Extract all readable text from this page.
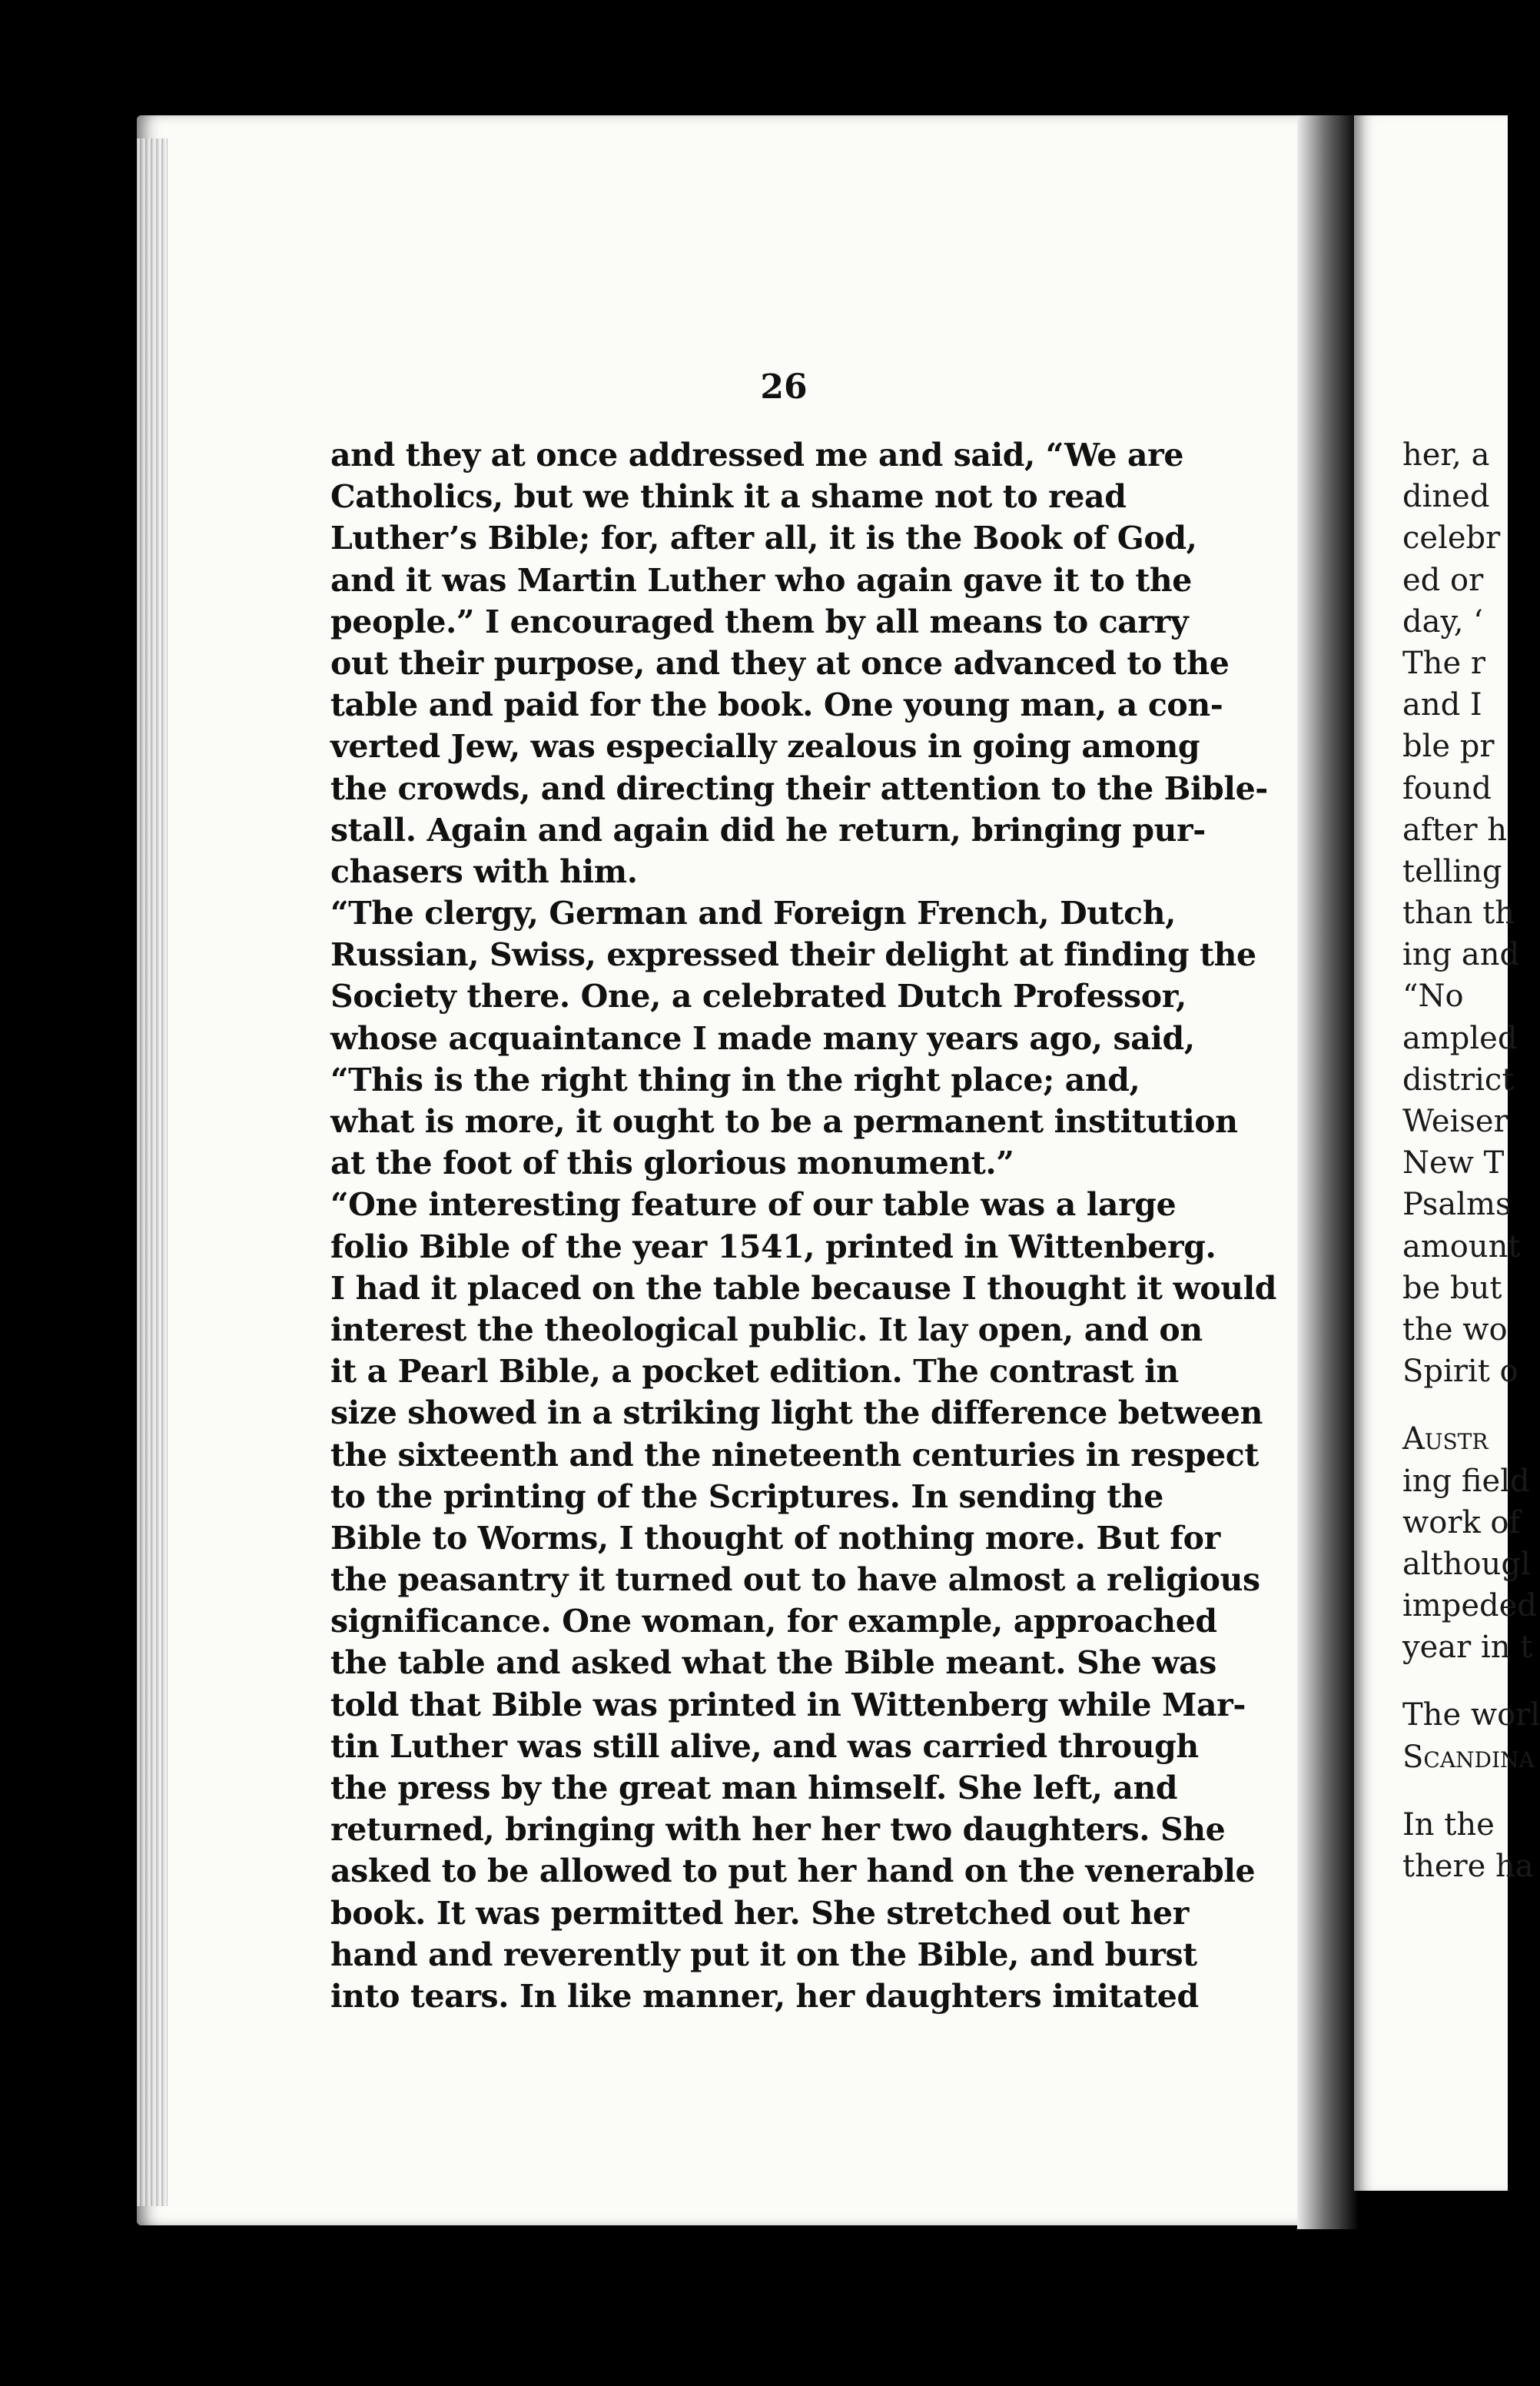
26
and they at once addressed me and said, “We are
Catholics, but we think it a shame not to read
Luther’s Bible; for, after all, it is the Book of God,
and it was Martin Luther who again gave it to the
people.” I encouraged them by all means to carry
out their purpose, and they at once advanced to the
table and paid for the book. One young man, a con-
verted Jew, was especially zealous in going among
the crowds, and directing their attention to the Bible-
stall. Again and again did he return, bringing pur-
chasers with him.
“The clergy, German and Foreign French, Dutch,
Russian, Swiss, expressed their delight at finding the
Society there. One, a celebrated Dutch Professor,
whose acquaintance I made many years ago, said,
“This is the right thing in the right place; and,
what is more, it ought to be a permanent institution
at the foot of this glorious monument.”
“One interesting feature of our table was a large
folio Bible of the year 1541, printed in Wittenberg.
I had it placed on the table because I thought it would
interest the theological public. It lay open, and on
it a Pearl Bible, a pocket edition. The contrast in
size showed in a striking light the difference between
the sixteenth and the nineteenth centuries in respect
to the printing of the Scriptures. In sending the
Bible to Worms, I thought of nothing more. But for
the peasantry it turned out to have almost a religious
significance. One woman, for example, approached
the table and asked what the Bible meant. She was
told that Bible was printed in Wittenberg while Mar-
tin Luther was still alive, and was carried through
the press by the great man himself. She left, and
returned, bringing with her her two daughters. She
asked to be allowed to put her hand on the venerable
book. It was permitted her. She stretched out her
hand and reverently put it on the Bible, and burst
into tears. In like manner, her daughters imitated
her, a
dined
celebr
ed or
day, ‘
The r
and I
ble pr
found
after h
telling
than th
ing and
“No
ampled
district
Weiser
New T
Psalms
amount
be but
the wo
Spirit o
Austr
ing field
work of
althougl
impeded
year in t
The worl
Scandina
In the
there ha
